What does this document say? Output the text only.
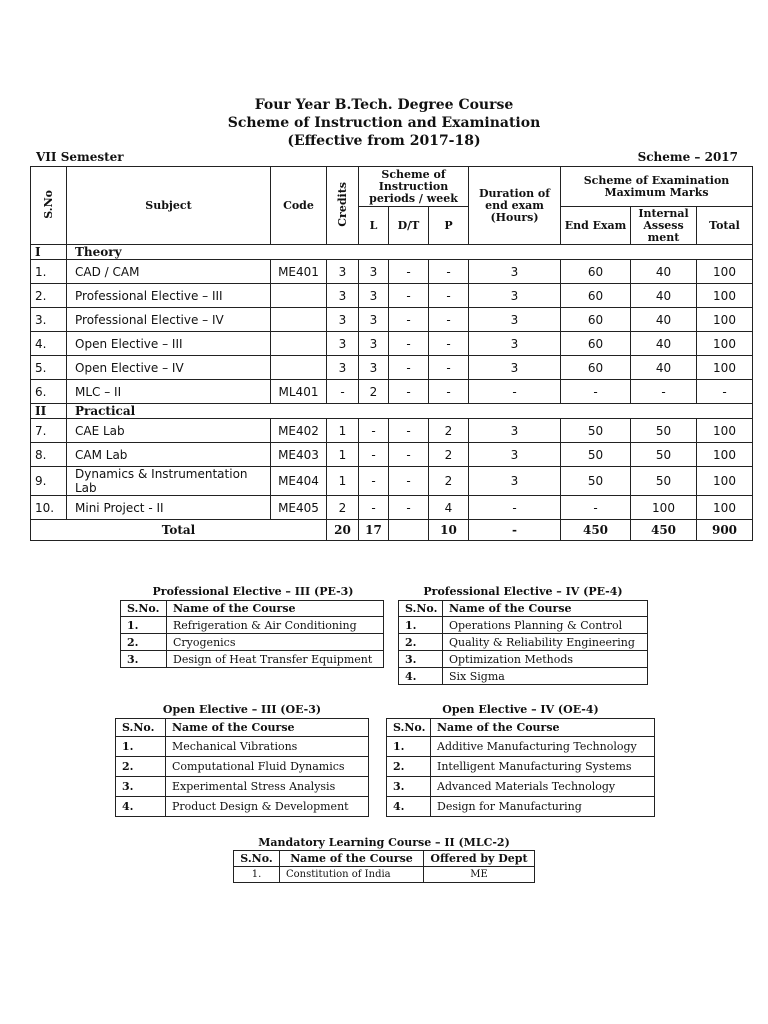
Four Year B.Tech. Degree Course
Scheme of Instruction and Examination
(Effective from 2017-18)
VII Semester	Scheme – 2017
S.No	Subject	Code	Credits	Scheme of Instruction periods / week			Duration of end exam (Hours)	Scheme of Examination Maximum Marks		
				L	D/T	P		End Exam	Internal Assess ment	Total
I	Theory									
1.	CAD / CAM	ME401	3	3	-	-	3	60	40	100
2.	Professional Elective – III		3	3	-	-	3	60	40	100
3.	Professional Elective – IV		3	3	-	-	3	60	40	100
4.	Open Elective – III		3	3	-	-	3	60	40	100
5.	Open Elective – IV		3	3	-	-	3	60	40	100
6.	MLC – II	ML401	-	2	-	-	-	-	-	-
II	Practical									
7.	CAE Lab	ME402	1	-	-	2	3	50	50	100
8.	CAM Lab	ME403	1	-	-	2	3	50	50	100
9.	Dynamics & Instrumentation Lab	ME404	1	-	-	2	3	50	50	100
10.	Mini Project - II	ME405	2	-	-	4	-	-	100	100
Total			20	17		10	-	450	450	900
Professional Elective – III (PE-3)
S.No.	Name of the Course
1.	Refrigeration & Air Conditioning
2.	Cryogenics
3.	Design of Heat Transfer Equipment
Professional Elective – IV (PE-4)
S.No.	Name of the Course
1.	Operations Planning & Control
2.	Quality & Reliability Engineering
3.	Optimization Methods
4.	Six Sigma
Open Elective – III (OE-3)
S.No.	Name of the Course
1.	Mechanical Vibrations
2.	Computational Fluid Dynamics
3.	Experimental Stress Analysis
4.	Product Design & Development
Open Elective – IV (OE-4)
S.No.	Name of the Course
1.	Additive Manufacturing Technology
2.	Intelligent Manufacturing Systems
3.	Advanced Materials Technology
4.	Design for Manufacturing
Mandatory Learning Course – II (MLC-2)
S.No.	Name of the Course	Offered by Dept
1.	Constitution of India	ME
